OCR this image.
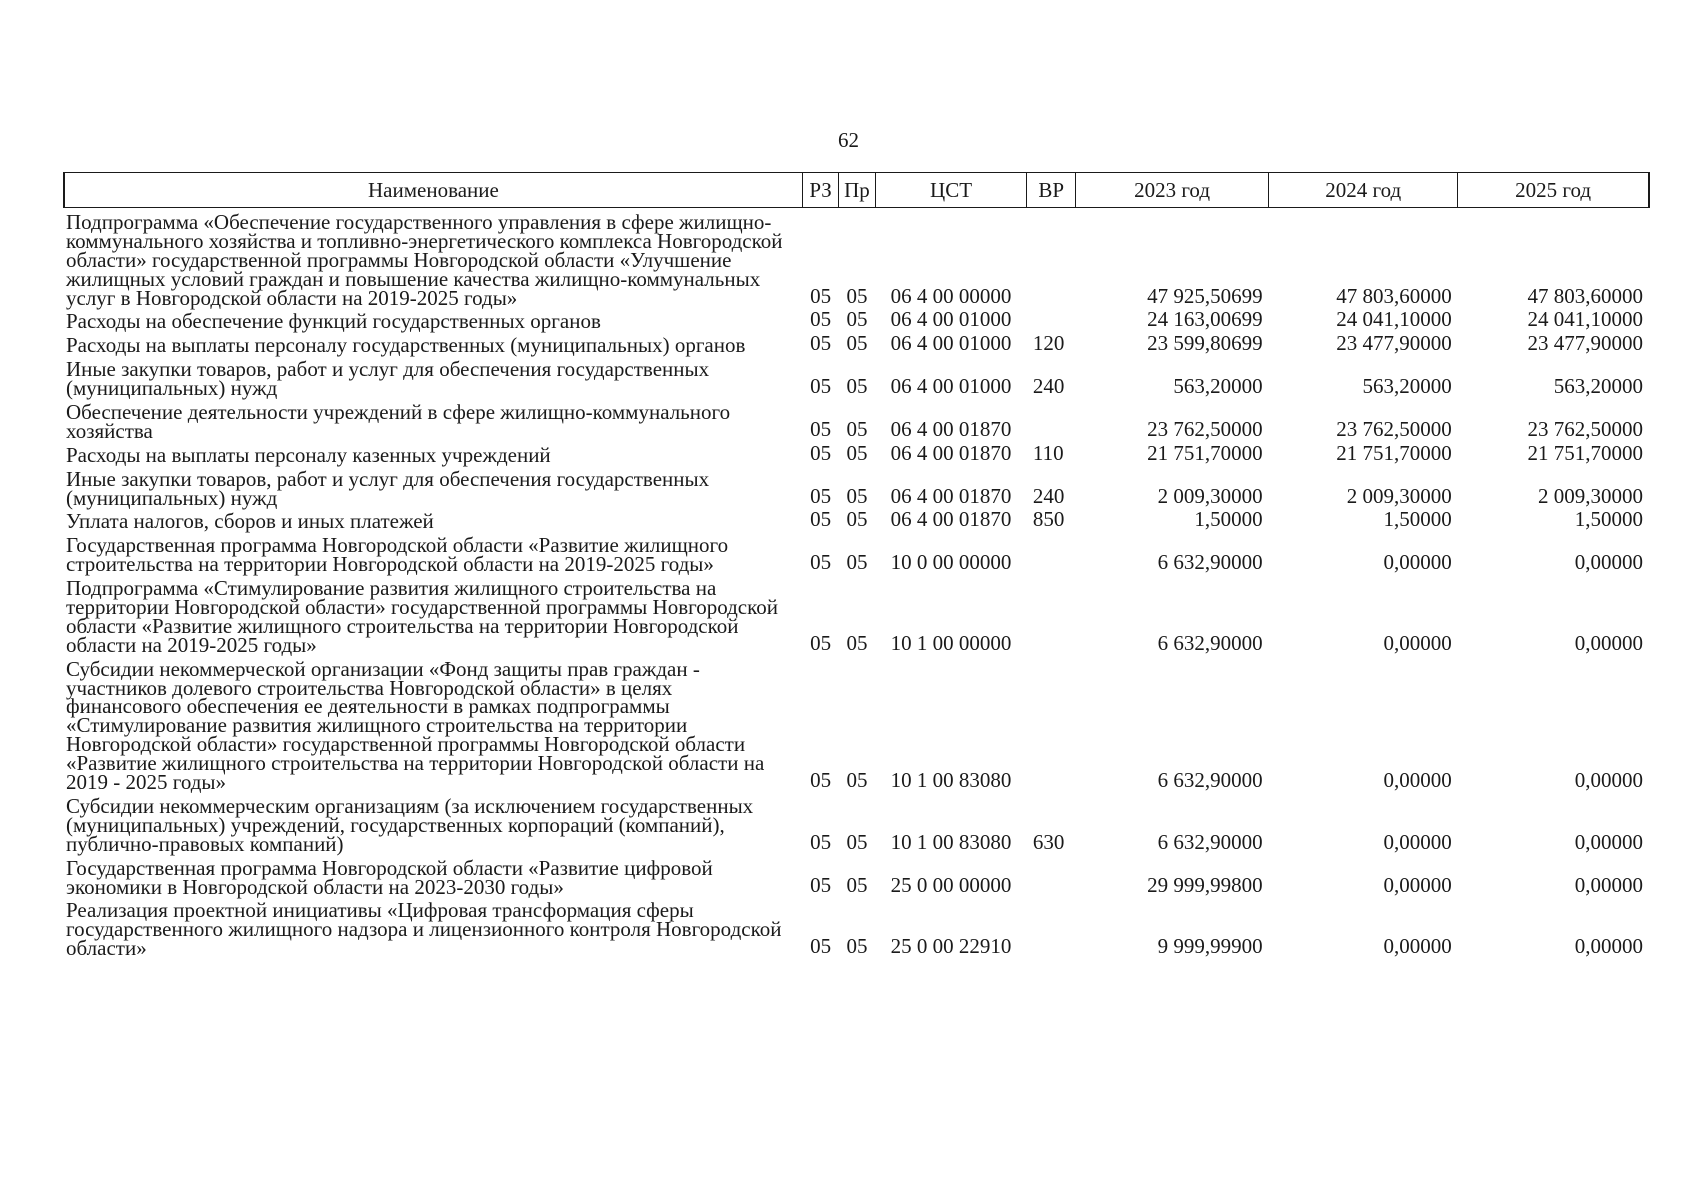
62
Наименование	РЗ	Пр	ЦСТ	ВР	2023 год	2024 год	2025 год
Подпрограмма «Обеспечение государственного управления в сфере жилищно-коммунального хозяйства и топливно-энергетического комплекса Новгородской области» государственной программы Новгородской области «Улучшение жилищных условий граждан и повышение качества жилищно-коммунальных услуг в Новгородской области на 2019-2025 годы»	05	05	06 4 00 00000		47 925,50699	47 803,60000	47 803,60000
Расходы на обеспечение функций государственных органов	05	05	06 4 00 01000		24 163,00699	24 041,10000	24 041,10000
Расходы на выплаты персоналу государственных (муниципальных) органов	05	05	06 4 00 01000	120	23 599,80699	23 477,90000	23 477,90000
Иные закупки товаров, работ и услуг для обеспечения государственных (муниципальных) нужд	05	05	06 4 00 01000	240	563,20000	563,20000	563,20000
Обеспечение деятельности учреждений в сфере жилищно-коммунального хозяйства	05	05	06 4 00 01870		23 762,50000	23 762,50000	23 762,50000
Расходы на выплаты персоналу казенных учреждений	05	05	06 4 00 01870	110	21 751,70000	21 751,70000	21 751,70000
Иные закупки товаров, работ и услуг для обеспечения государственных (муниципальных) нужд	05	05	06 4 00 01870	240	2 009,30000	2 009,30000	2 009,30000
Уплата налогов, сборов и иных платежей	05	05	06 4 00 01870	850	1,50000	1,50000	1,50000
Государственная программа Новгородской области «Развитие жилищного строительства на территории Новгородской области на 2019-2025 годы»	05	05	10 0 00 00000		6 632,90000	0,00000	0,00000
Подпрограмма «Стимулирование развития жилищного строительства на территории Новгородской области» государственной программы Новгородской области «Развитие жилищного строительства на территории Новгородской области на 2019-2025 годы»	05	05	10 1 00 00000		6 632,90000	0,00000	0,00000
Субсидии некоммерческой организации «Фонд защиты прав граждан - участников долевого строительства Новгородской области» в целях финансового обеспечения ее деятельности в рамках подпрограммы «Стимулирование развития жилищного строительства на территории Новгородской области» государственной программы Новгородской области «Развитие жилищного строительства на территории Новгородской области на 2019 - 2025 годы»	05	05	10 1 00 83080		6 632,90000	0,00000	0,00000
Субсидии некоммерческим организациям (за исключением государственных (муниципальных) учреждений, государственных корпораций (компаний), публично-правовых компаний)	05	05	10 1 00 83080	630	6 632,90000	0,00000	0,00000
Государственная программа Новгородской области «Развитие цифровой экономики в Новгородской области на 2023-2030 годы»	05	05	25 0 00 00000		29 999,99800	0,00000	0,00000
Реализация проектной инициативы «Цифровая трансформация сферы государственного жилищного надзора и лицензионного контроля Новгородской области»	05	05	25 0 00 22910		9 999,99900	0,00000	0,00000
